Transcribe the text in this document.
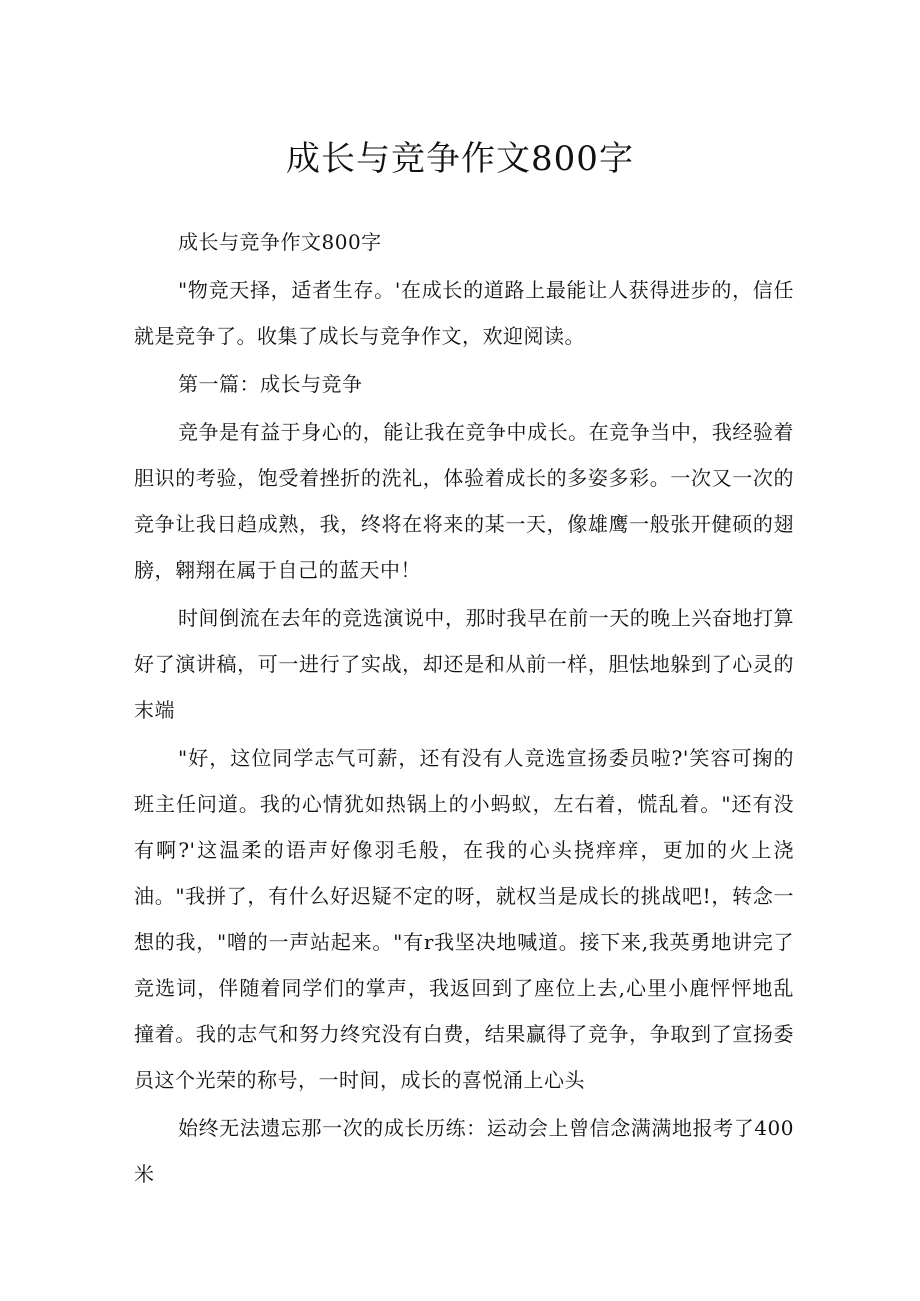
成长与竞争作文800字

成长与竞争作文800字

"物竞天择，适者生存。'在成长的道路上最能让人获得进步的，信任就是竞争了。收集了成长与竞争作文，欢迎阅读。

第一篇：成长与竞争

竞争是有益于身心的，能让我在竞争中成长。在竞争当中，我经验着胆识的考验，饱受着挫折的洗礼，体验着成长的多姿多彩。一次又一次的竞争让我日趋成熟，我，终将在将来的某一天，像雄鹰一般张开健硕的翅膀，翱翔在属于自己的蓝天中！

时间倒流在去年的竞选演说中，那时我早在前一天的晚上兴奋地打算好了演讲稿，可一进行了实战，却还是和从前一样，胆怯地躲到了心灵的末端

"好，这位同学志气可薪，还有没有人竞选宣扬委员啦?'笑容可掬的班主任问道。我的心情犹如热锅上的小蚂蚁，左右着，慌乱着。"还有没有啊?'这温柔的语声好像羽毛般，在我的心头挠痒痒，更加的火上浇油。"我拼了，有什么好迟疑不定的呀，就权当是成长的挑战吧!，转念一想的我，"噌的一声站起来。"有r我坚决地喊道。接下来,我英勇地讲完了竞选词，伴随着同学们的掌声，我返回到了座位上去,心里小鹿怦怦地乱撞着。我的志气和努力终究没有白费，结果赢得了竞争，争取到了宣扬委员这个光荣的称号，一时间，成长的喜悦涌上心头

始终无法遗忘那一次的成长历练：运动会上曾信念满满地报考了400米
